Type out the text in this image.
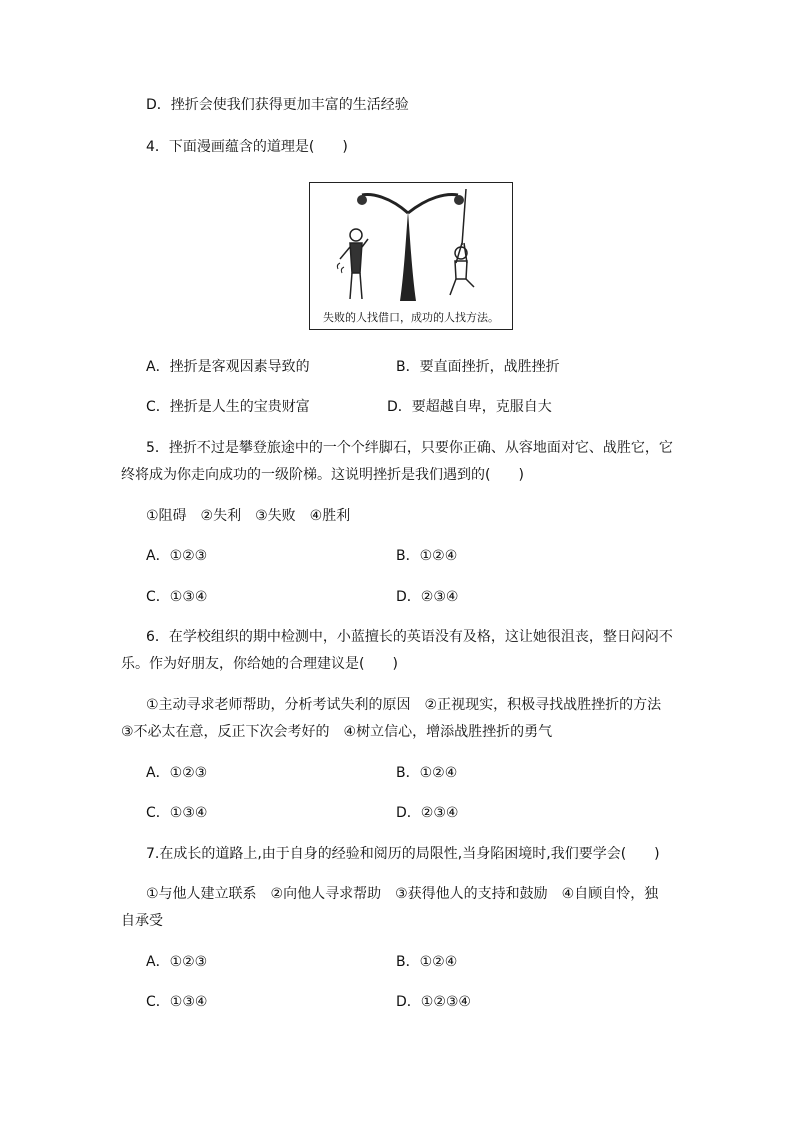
D．挫折会使我们获得更加丰富的生活经验
4．下面漫画蕴含的道理是(　　)
失败的人找借口，成功的人找方法。
A．挫折是客观因素导致的	B．要直面挫折，战胜挫折
C．挫折是人生的宝贵财富	D．要超越自卑，克服自大
5．挫折不过是攀登旅途中的一个个绊脚石，只要你正确、从容地面对它、战胜它，它
终将成为你走向成功的一级阶梯。这说明挫折是我们遇到的(　　)
①阻碍　②失利　③失败　④胜利
A．①②③	B．①②④
C．①③④	D．②③④
6．在学校组织的期中检测中，小蓝擅长的英语没有及格，这让她很沮丧，整日闷闷不
乐。作为好朋友，你给她的合理建议是(　　)
①主动寻求老师帮助，分析考试失利的原因　②正视现实，积极寻找战胜挫折的方法
③不必太在意，反正下次会考好的　④树立信心，增添战胜挫折的勇气
A．①②③	B．①②④
C．①③④	D．②③④
7.在成长的道路上,由于自身的经验和阅历的局限性,当身陷困境时,我们要学会(　　)
①与他人建立联系　②向他人寻求帮助　③获得他人的支持和鼓励　④自顾自怜，独
自承受
A．①②③	B．①②④
C．①③④	D．①②③④
